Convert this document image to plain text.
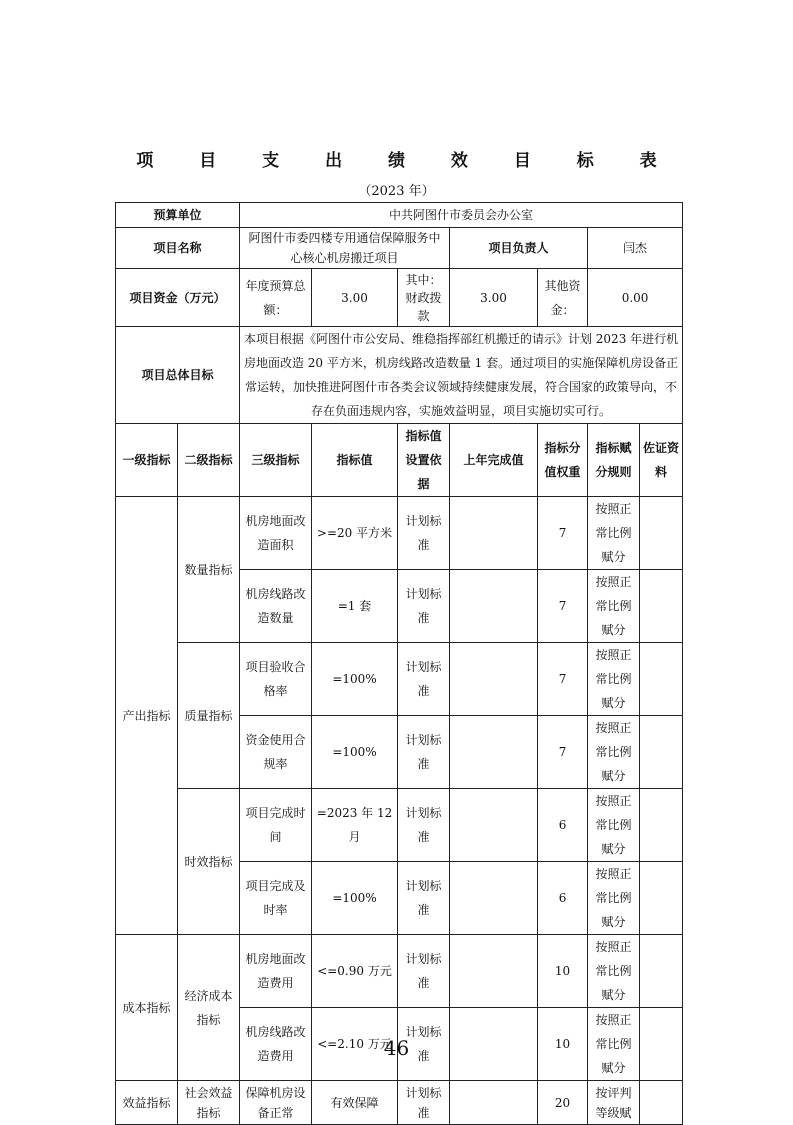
项 目 支 出 绩 效 目 标 表
（2023 年）
预算单位		中共阿图什市委员会办公室						
项目名称		阿图什市委四楼专用通信保障服务中心核心机房搬迁项目			项目负责人		闫杰	
项目资金（万元）		年度预算总额：	3.00	其中：财政拨款	3.00	其他资金：	0.00	
项目总体目标		本项目根据《阿图什市公安局、维稳指挥部红机搬迁的请示》计划 2023 年进行机房地面改造 20 平方米，机房线路改造数量 1 套。通过项目的实施保障机房设备正常运转，加快推进阿图什市各类会议领域持续健康发展，符合国家的政策导向，不存在负面违规内容，实施效益明显，项目实施切实可行。						
一级指标	二级指标	三级指标	指标值	指标值设置依据	上年完成值	指标分值权重	指标赋分规则	佐证资料
产出指标	数量指标	机房地面改造面积	>=20 平方米	计划标准		7	按照正常比例赋分	
		机房线路改造数量	=1 套	计划标准		7	按照正常比例赋分	
	质量指标	项目验收合格率	=100%	计划标准		7	按照正常比例赋分	
		资金使用合规率	=100%	计划标准		7	按照正常比例赋分	
	时效指标	项目完成时间	=2023 年 12 月	计划标准		6	按照正常比例赋分	
		项目完成及时率	=100%	计划标准		6	按照正常比例赋分	
成本指标	经济成本指标	机房地面改造费用	<=0.90 万元	计划标准		10	按照正常比例赋分	
		机房线路改造费用	<=2.10 万元	计划标准		10	按照正常比例赋分	
效益指标	社会效益指标	保障机房设备正常	有效保障	计划标准		20	按评判等级赋	
46
